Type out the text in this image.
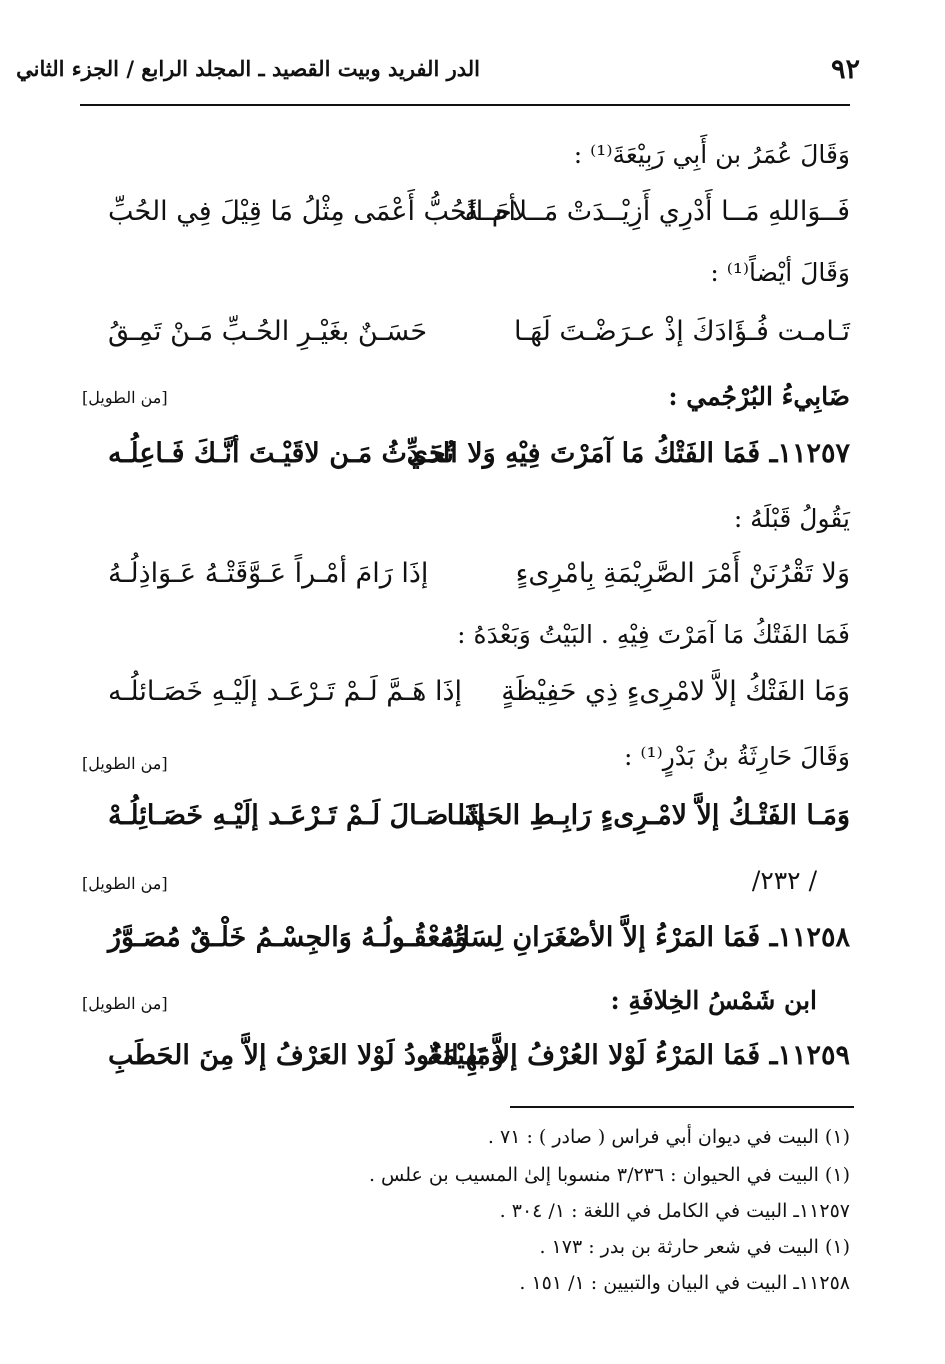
٩٢
الدر الفريد وبيت القصيد ـ المجلد الرابع / الجزء الثاني
وَقَالَ عُمَرُ بن أَبِي رَبِيْعَةَ⁽¹⁾ :
فَــوَاللهِ مَــا أَدْرِي أَزِيْــدَتْ مَــلاحَــةً
أم الحُبُّ أَعْمَى مِثْلُ مَا قِيْلَ فِي الحُبِّ
وَقَالَ أيْضاً⁽¹⁾ :
تَـامـت فُـؤَادَكَ إذْ عـرَضْـتَ لَهَـا
حَسَـنٌ بغَيْـرِ الحُـبِّ مَـنْ تَمِـقُ
ضَابِيءُ البُرْجُمي :
[من الطويل]
١١٢٥٧ـ فَمَا الفَتْكُ مَا آمَرْتَ فِيْهِ وَلا الذي
تُحَـدِّثُ مَـن لاقَيْـتَ أنَّـكَ فَـاعِلُـه
يَقُولُ قَبْلَهُ :
وَلا تَقْرُنَنْ أَمْرَ الصَّرِيْمَةِ بِامْرِىءٍ
إذَا رَامَ أمْـراً عَـوَّقَتْـهُ عَـوَاذِلُـهُ
فَمَا الفَتْكُ مَا آمَرْتَ فِيْهِ . البَيْتُ وَبَعْدَهُ :
وَمَا الفَتْكُ إلاَّ لامْرِىءٍ ذِي حَفِيْظَةٍ
إذَا هَـمَّ لَـمْ تَـرْعَـد إلَيْـهِ خَصَـائلُـه
وَقَالَ حَارِثَةُ بنُ بَدْرٍ⁽¹⁾ :
[من الطويل]
وَمَـا الفَتْـكُ إلاَّ لامْـرِىءٍ رَابِـطِ الحَشَـا
إذَا صَـالَ لَـمْ تَـرْعَـد إلَيْـهِ خَصَـائِلُـهْ
/ ٢٣٢/
[من الطويل]
١١٢٥٨ـ فَمَا المَرْءُ إلاَّ الأصْغَرَانِ لِسَانُهُ
وَمَعْقُـولُـهُ وَالجِسْـمُ خَلْـقٌ مُصَـوَّرُ
ابن شَمْسُ الخِلافَةِ :
[من الطويل]
١١٢٥٩ـ فَمَا المَرْءُ لَوْلا العُرْفُ إلاَّ بَهِيْمَةٌ
وَمَا العُودُ لَوْلا العَرْفُ إلاَّ مِنَ الحَطَبِ
(١) البيت في ديوان أبي فراس ( صادر ) : ٧١ .
(١) البيت في الحيوان : ٣/٢٣٦ منسوبا إلىٰ المسيب بن علس .
١١٢٥٧ـ البيت في الكامل في اللغة : ١/ ٣٠٤ .
(١) البيت في شعر حارثة بن بدر : ١٧٣ .
١١٢٥٨ـ البيت في البيان والتبيين : ١/ ١٥١ .
